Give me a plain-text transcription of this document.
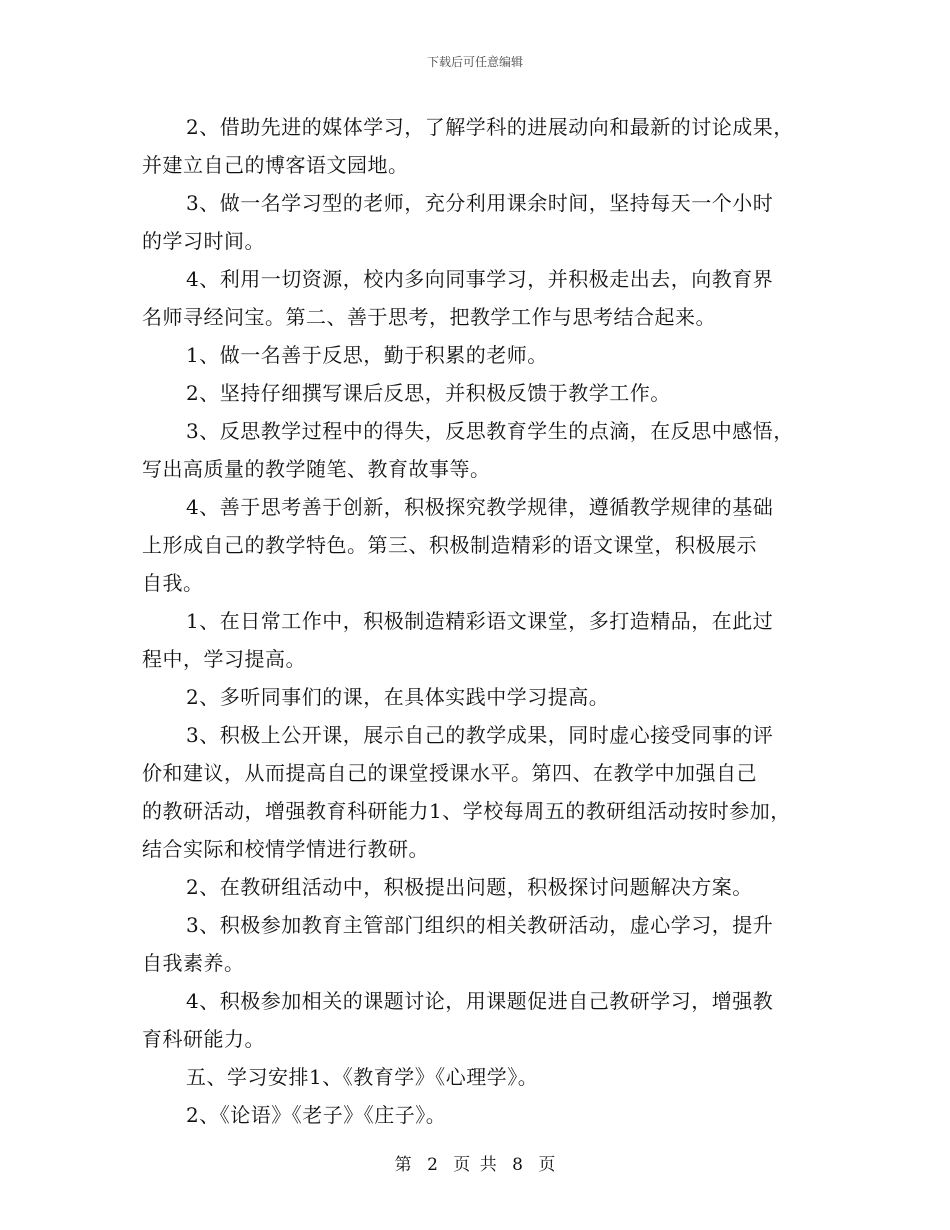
下载后可任意编辑

2、借助先进的媒体学习，了解学科的进展动向和最新的讨论成果，

并建立自己的博客语文园地。

3、做一名学习型的老师，充分利用课余时间，坚持每天一个小时

的学习时间。

4、利用一切资源，校内多向同事学习，并积极走出去，向教育界

名师寻经问宝。第二、善于思考，把教学工作与思考结合起来。

1、做一名善于反思，勤于积累的老师。

2、坚持仔细撰写课后反思，并积极反馈于教学工作。

3、反思教学过程中的得失，反思教育学生的点滴，在反思中感悟，

写出高质量的教学随笔、教育故事等。

4、善于思考善于创新，积极探究教学规律，遵循教学规律的基础

上形成自己的教学特色。第三、积极制造精彩的语文课堂，积极展示

自我。

1、在日常工作中，积极制造精彩语文课堂，多打造精品，在此过

程中，学习提高。

2、多听同事们的课，在具体实践中学习提高。

3、积极上公开课，展示自己的教学成果，同时虚心接受同事的评

价和建议，从而提高自己的课堂授课水平。第四、在教学中加强自己

的教研活动，增强教育科研能力1、学校每周五的教研组活动按时参加，

结合实际和校情学情进行教研。

2、在教研组活动中，积极提出问题，积极探讨问题解决方案。

3、积极参加教育主管部门组织的相关教研活动，虚心学习，提升

自我素养。

4、积极参加相关的课题讨论，用课题促进自己教研学习，增强教

育科研能力。

五、学习安排1、《教育学》《心理学》。

2、《论语》《老子》《庄子》。

第 2 页 共 8 页
